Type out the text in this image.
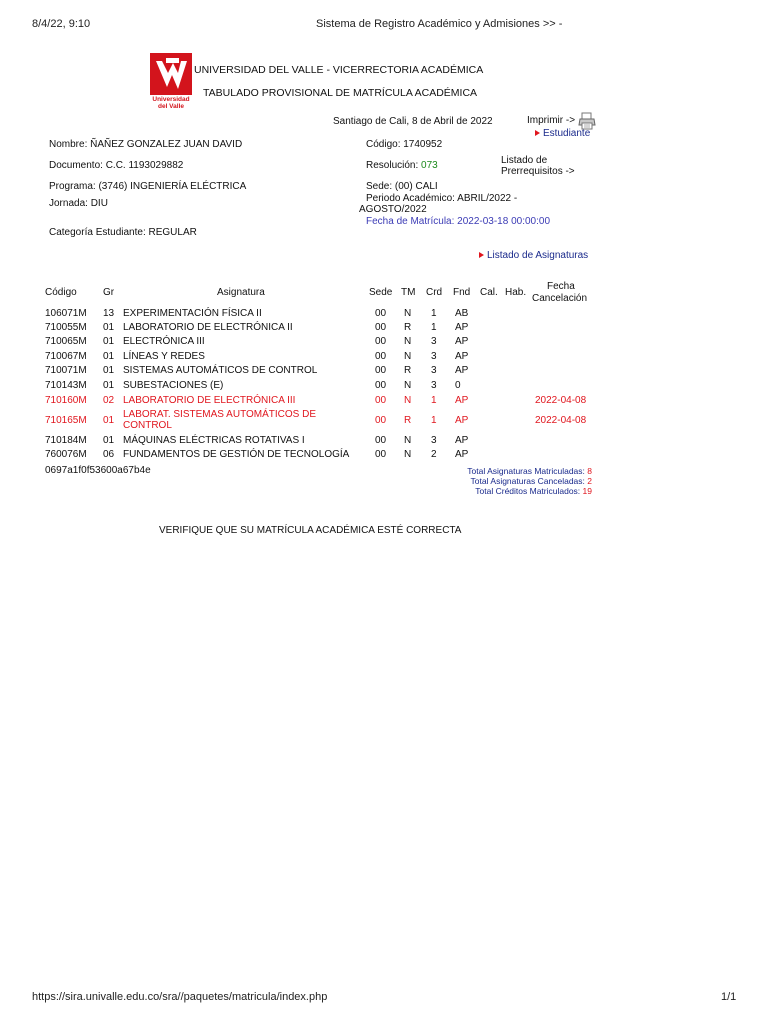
8/4/22, 9:10	Sistema de Registro Académico y Admisiones >> -
https://sira.univalle.edu.co/sra//paquetes/matricula/index.php	1/1
Universidad
del Valle
UNIVERSIDAD DEL VALLE - VICERRECTORIA ACADÉMICA
TABULADO PROVISIONAL DE MATRÍCULA ACADÉMICA
Santiago de Cali, 8 de Abril de 2022	Imprimir ->
Estudiante
Listado de
Prerrequisitos ->
Nombre: ÑAÑEZ GONZALEZ JUAN DAVID
Documento: C.C. 1193029882
Programa: (3746) INGENIERÍA ELÉCTRICA
Jornada: DIU
Categoría Estudiante: REGULAR
Código: 1740952
Resolución: 073
Sede: (00) CALI
Periodo Académico: ABRIL/2022 -
AGOSTO/2022
Fecha de Matrícula: 2022-03-18 00:00:00
Listado de Asignaturas
Código	Gr	Asignatura	Sede TM Crd Fnd Cal. Hab.
Fecha
Cancelación
106071M 13 EXPERIMENTACIÓN FÍSICA II	00 N 1 AB
710055M 01 LABORATORIO DE ELECTRÓNICA II	00 R 1 AP
710065M 01 ELECTRÓNICA III	00 N 3 AP
710067M 01 LÍNEAS Y REDES	00 N 3 AP
710071M 01 SISTEMAS AUTOMÁTICOS DE CONTROL	00 R 3 AP
710143M 01 SUBESTACIONES (E)	00 N 3 0
710160M 02 LABORATORIO DE ELECTRÓNICA III	00 N 1 AP	2022-04-08
710165M 01
LABORAT. SISTEMAS AUTOMÁTICOS DE
CONTROL	00 R 1 AP	2022-04-08
710184M 01 MÁQUINAS ELÉCTRICAS ROTATIVAS I	00 N 3 AP
760076M 06 FUNDAMENTOS DE GESTIÓN DE TECNOLOGÍA	00 N 2 AP
0697a1f0f53600a67b4e	Total Asignaturas Matriculadas: 8
Total Asignaturas Canceladas: 2
Total Créditos Matriculados: 19
VERIFIQUE QUE SU MATRÍCULA ACADÉMICA ESTÉ CORRECTA
